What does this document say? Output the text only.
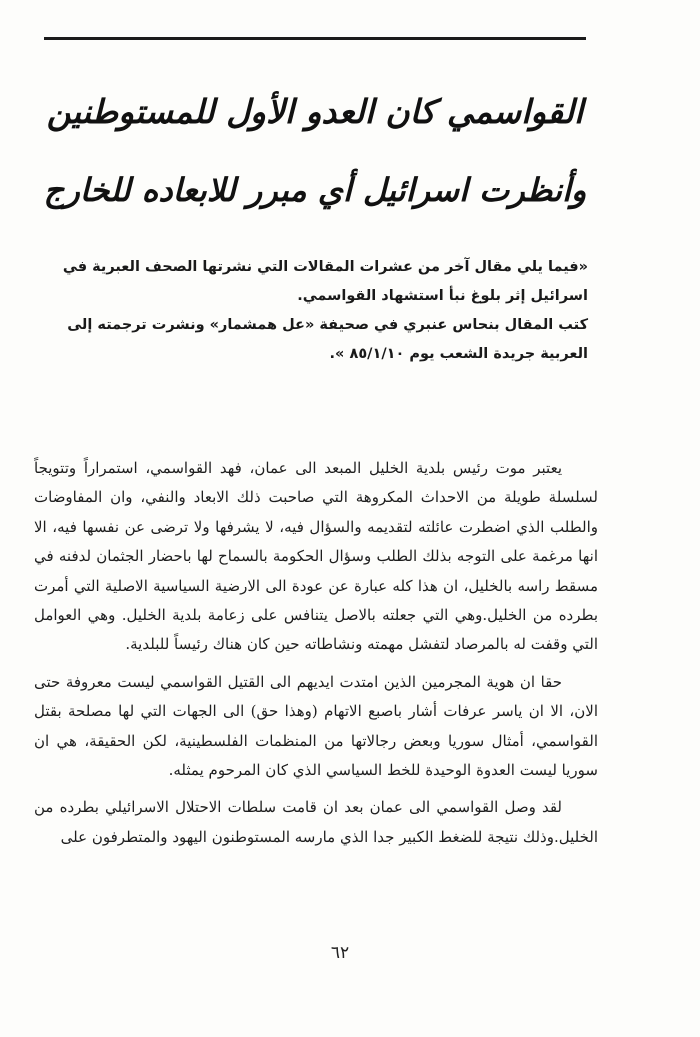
القواسمي كان العدو الأول للمستوطنين
وأنظرت اسرائيل أي مبرر للابعاده للخارج

«فيما يلي مقال آخر من عشرات المقالات التي نشرتها الصحف العبرية في اسرائيل إثر بلوغ نبأ استشهاد القواسمي.

كتب المقال بنحاس عنبري في صحيفة «عل همشمار» ونشرت ترجمته إلى العربية جريدة الشعب يوم ٨٥/١/١٠ ».

يعتبر موت رئيس بلدية الخليل المبعد الى عمان، فهد القواسمي، استمراراً وتتويجاً لسلسلة طويلة من الاحداث المكروهة التي صاحبت ذلك الابعاد والنفي، وان المفاوضات والطلب الذي اضطرت عائلته لتقديمه والسؤال فيه، لا يشرفها ولا ترضى عن نفسها فيه، الا انها مرغمة على التوجه بذلك الطلب وسؤال الحكومة بالسماح لها باحضار الجثمان لدفنه في مسقط راسه بالخليل، ان هذا كله عبارة عن عودة الى الارضية السياسية الاصلية التي أمرت بطرده من الخليل.وهي التي جعلته بالاصل يتنافس على زعامة بلدية الخليل. وهي العوامل التي وقفت له بالمرصاد لتفشل مهمته ونشاطاته حين كان هناك رئيساً للبلدية.

حقا ان هوية المجرمين الذين امتدت ايديهم الى القتيل القواسمي ليست معروفة حتى الان، الا ان ياسر عرفات أشار باصبع الاتهام (وهذا حق) الى الجهات التي لها مصلحة بقتل القواسمي، أمثال سوريا وبعض رجالاتها من المنظمات الفلسطينية، لكن الحقيقة، هي ان سوريا ليست العدوة الوحيدة للخط السياسي الذي كان المرحوم يمثله.

لقد وصل القواسمي الى عمان بعد ان قامت سلطات الاحتلال الاسرائيلي بطرده من الخليل.وذلك نتيجة للضغط الكبير جدا الذي مارسه المستوطنون اليهود والمتطرفون على

٦٢
